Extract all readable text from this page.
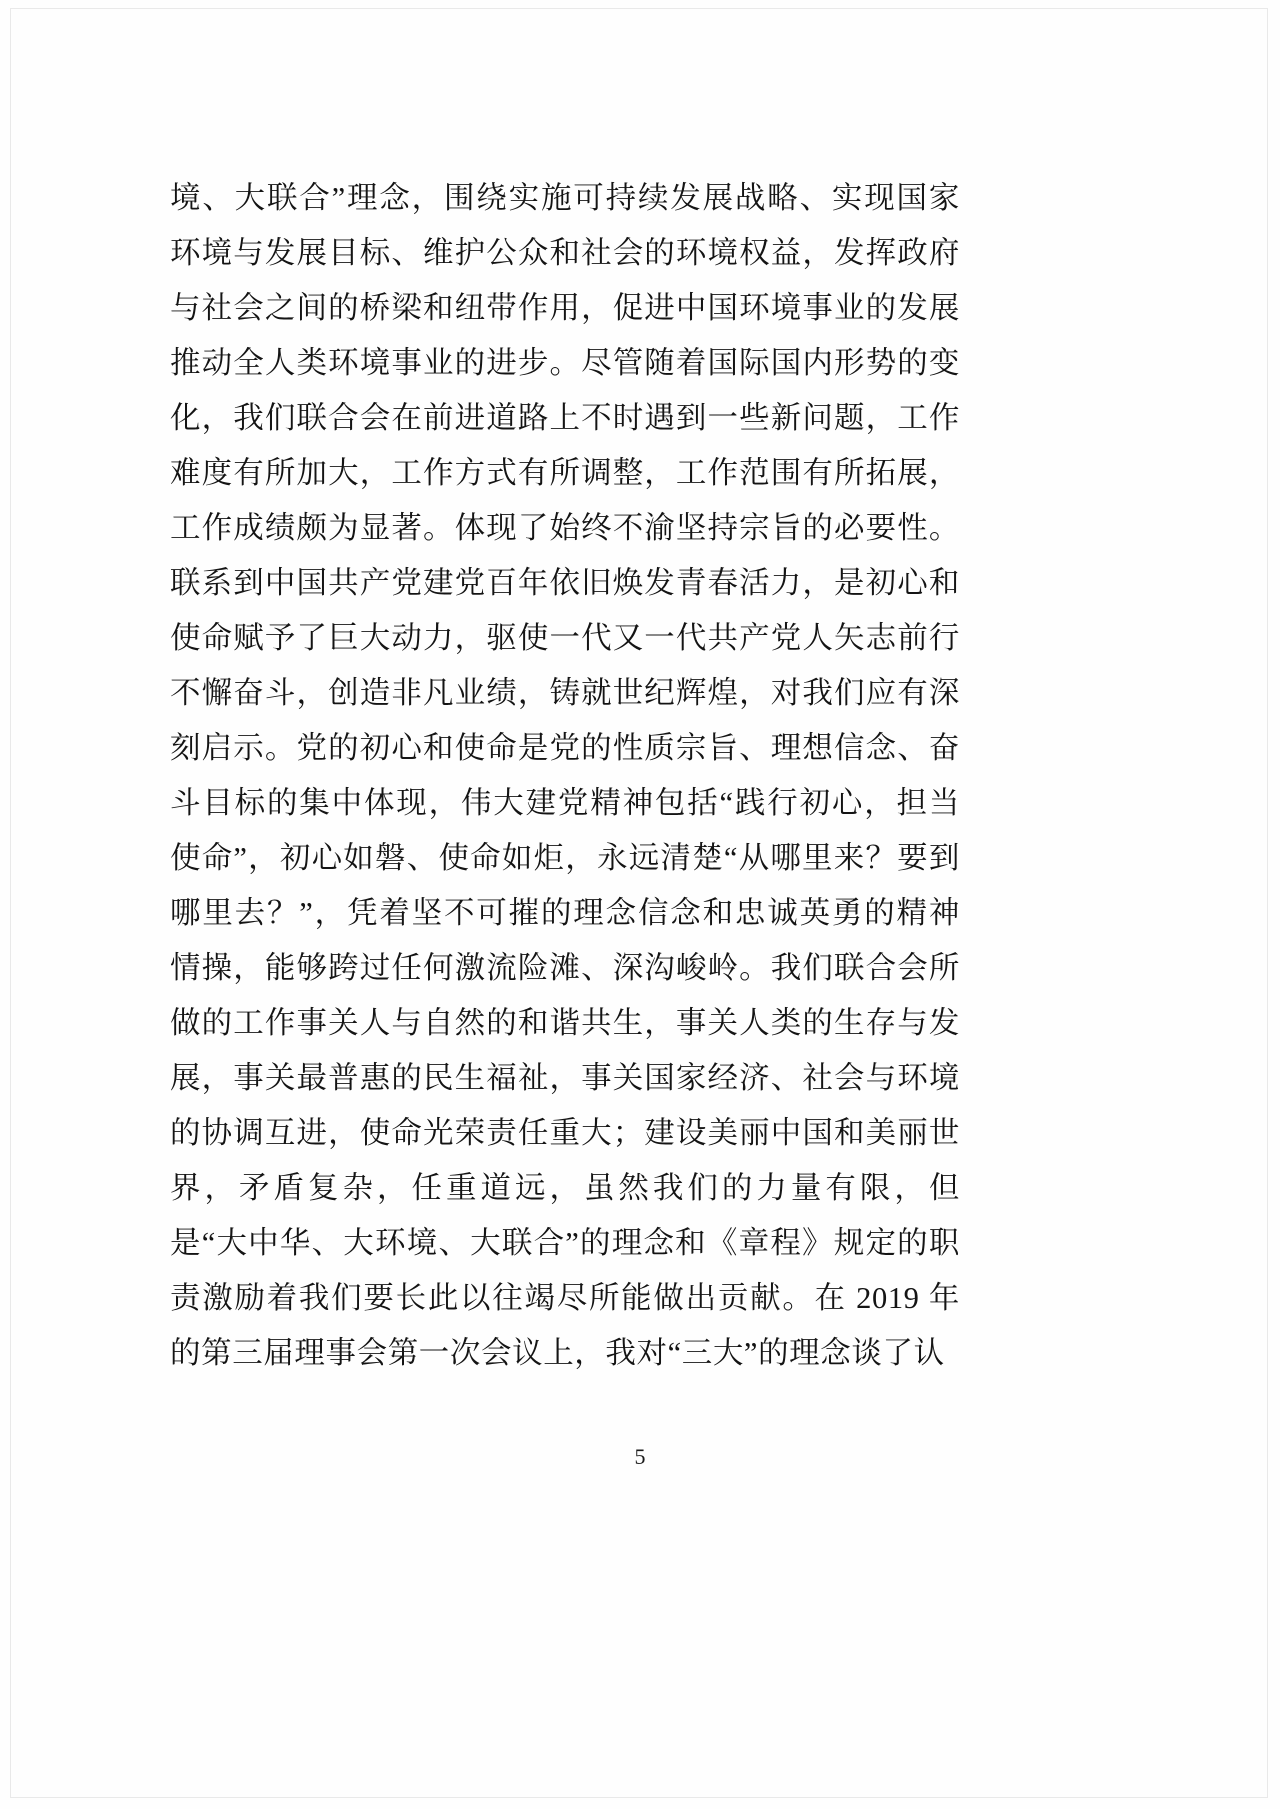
境、大联合”理念，围绕实施可持续发展战略、实现国家环境与发展目标、维护公众和社会的环境权益，发挥政府与社会之间的桥梁和纽带作用，促进中国环境事业的发展推动全人类环境事业的进步。尽管随着国际国内形势的变化，我们联合会在前进道路上不时遇到一些新问题，工作难度有所加大，工作方式有所调整，工作范围有所拓展，工作成绩颇为显著。体现了始终不渝坚持宗旨的必要性。联系到中国共产党建党百年依旧焕发青春活力，是初心和使命赋予了巨大动力，驱使一代又一代共产党人矢志前行不懈奋斗，创造非凡业绩，铸就世纪辉煌，对我们应有深刻启示。党的初心和使命是党的性质宗旨、理想信念、奋斗目标的集中体现，伟大建党精神包括“践行初心，担当使命”，初心如磐、使命如炬，永远清楚“从哪里来？要到哪里去？”，凭着坚不可摧的理念信念和忠诚英勇的精神情操，能够跨过任何激流险滩、深沟峻岭。我们联合会所做的工作事关人与自然的和谐共生，事关人类的生存与发展，事关最普惠的民生福祉，事关国家经济、社会与环境的协调互进，使命光荣责任重大；建设美丽中国和美丽世界，矛盾复杂，任重道远，虽然我们的力量有限，但是“大中华、大环境、大联合”的理念和《章程》规定的职责激励着我们要长此以往竭尽所能做出贡献。在 2019 年的第三届理事会第一次会议上，我对“三大”的理念谈了认

5
